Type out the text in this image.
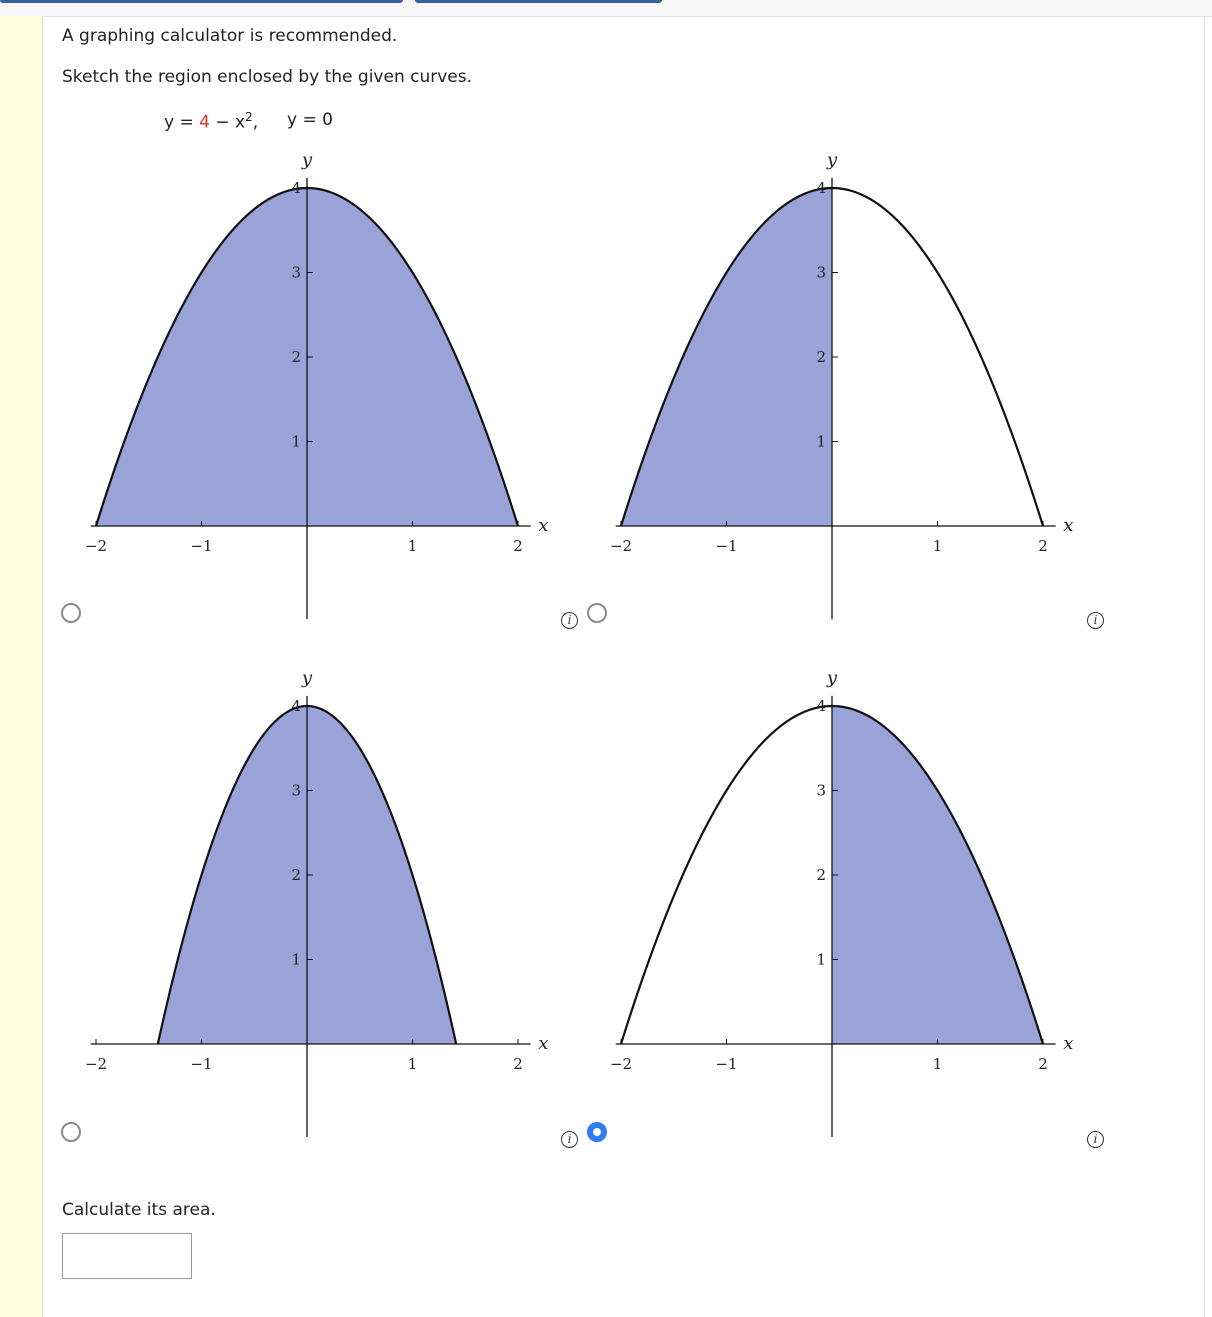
A graphing calculator is recommended.
Sketch the region enclosed by the given curves.
$y = 4 - x^2$, y = 0
−2	−1	1	2
1
2
3
4
x
y
−2	−1	1	2
1
2
3
4
x
y
−2	−1	1	2
1
2
3
4
x
y
−2	−1	1	2
1
2
3
4
x
y
i	i
i	i
Calculate its area.
